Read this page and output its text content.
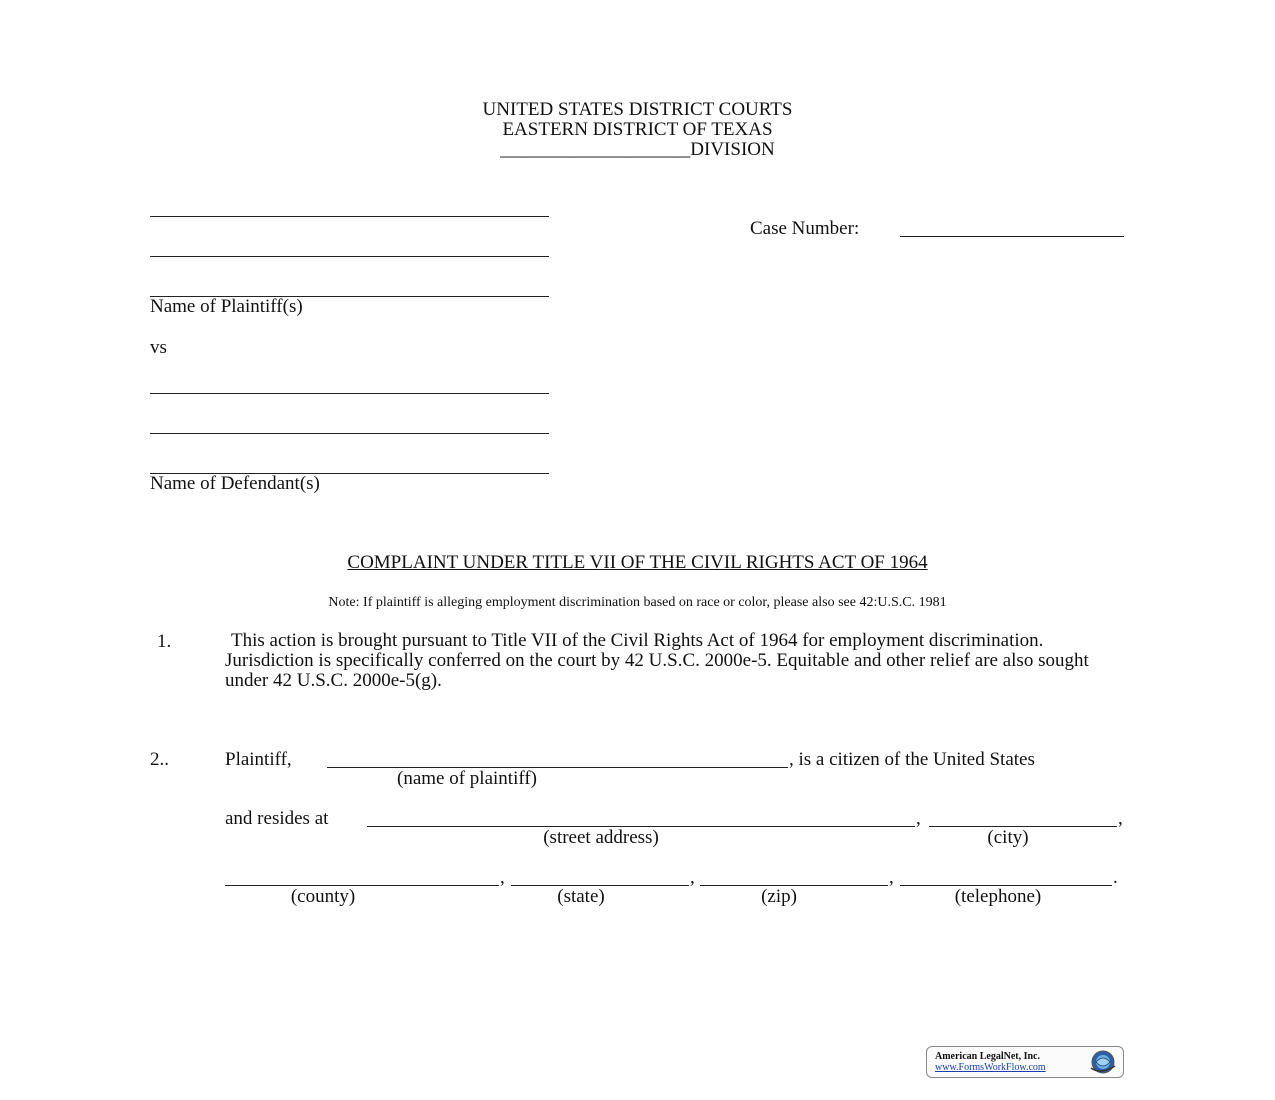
UNITED STATES DISTRICT COURTS
EASTERN DISTRICT OF TEXAS
____________________DIVISION
Name of Plaintiff(s)
Case Number:
vs
Name of Defendant(s)
COMPLAINT UNDER TITLE VII OF THE CIVIL RIGHTS ACT OF 1964
Note: If plaintiff is alleging employment discrimination based on race or color, please also see 42:U.S.C. 1981
1.	This action is brought pursuant to Title VII of the Civil Rights Act of 1964 for employment discrimination. Jurisdiction is specifically conferred on the court by 42 U.S.C. 2000e-5. Equitable and other relief are also sought under 42 U.S.C. 2000e-5(g).
2..	Plaintiff,	, is a citizen of the United States
(name of plaintiff)
and resides at	,	,
(street address)	(city)
,	,	,	.
(county)	(state)	(zip)	(telephone)
American LegalNet, Inc.
www.FormsWorkFlow.com
